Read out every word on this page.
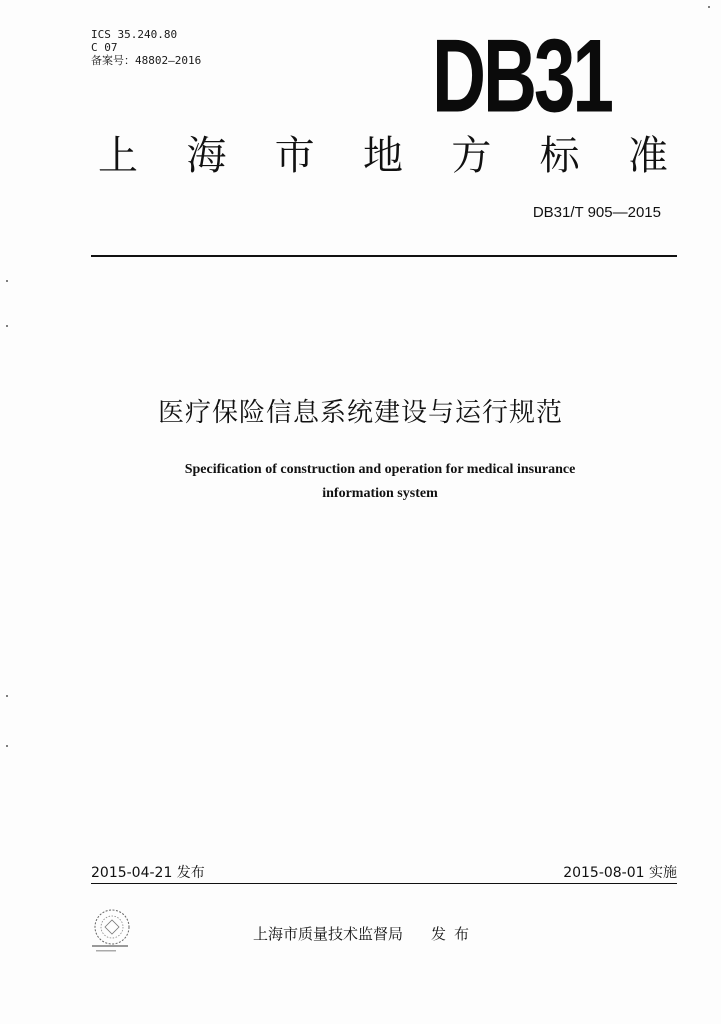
ICS 35.240.80
C 07
备案号：48802—2016 DB31
上 海 市 地 方 标 准
DB31/T 905—2015
医疗保险信息系统建设与运行规范
Specification of construction and operation for medical insurance
information system
2015-04-21 发布	2015-08-01 实施
上海市质量技术监督局 发布
